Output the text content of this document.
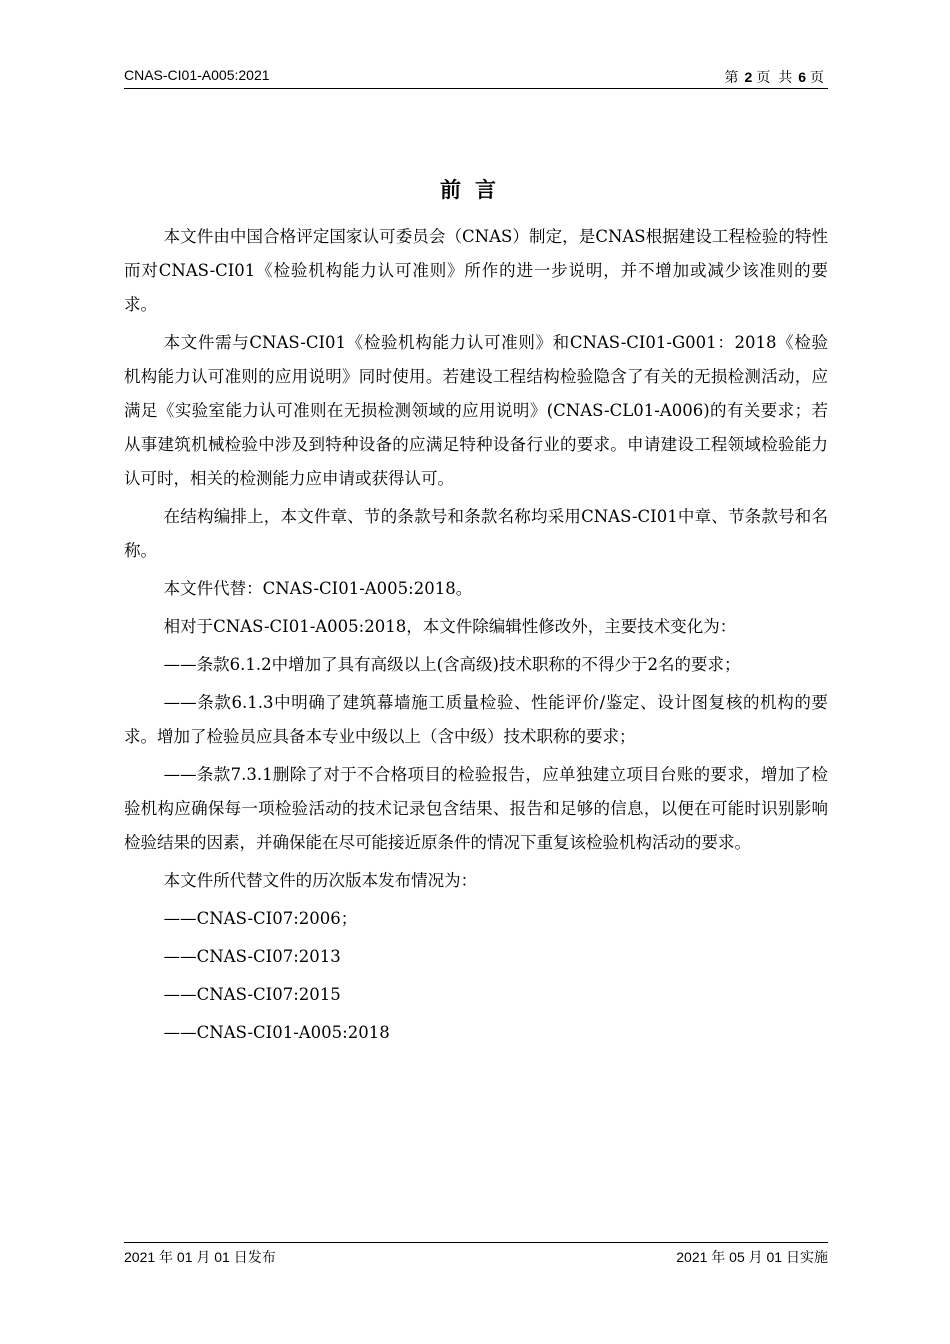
CNAS-CI01-A005:2021	第 2 页 共 6 页
前言

本文件由中国合格评定国家认可委员会（CNAS）制定，是CNAS根据建设工程检验的特性而对CNAS-CI01《检验机构能力认可准则》所作的进一步说明，并不增加或减少该准则的要求。

本文件需与CNAS-CI01《检验机构能力认可准则》和CNAS-CI01-G001：2018《检验机构能力认可准则的应用说明》同时使用。若建设工程结构检验隐含了有关的无损检测活动，应满足《实验室能力认可准则在无损检测领域的应用说明》(CNAS-CL01-A006)的有关要求；若从事建筑机械检验中涉及到特种设备的应满足特种设备行业的要求。申请建设工程领域检验能力认可时，相关的检测能力应申请或获得认可。

在结构编排上，本文件章、节的条款号和条款名称均采用CNAS-CI01中章、节条款号和名称。

本文件代替：CNAS-CI01-A005:2018。

相对于CNAS-CI01-A005:2018，本文件除编辑性修改外，主要技术变化为：

——条款6.1.2中增加了具有高级以上(含高级)技术职称的不得少于2名的要求；

——条款6.1.3中明确了建筑幕墙施工质量检验、性能评价/鉴定、设计图复核的机构的要求。增加了检验员应具备本专业中级以上（含中级）技术职称的要求；

——条款7.3.1删除了对于不合格项目的检验报告，应单独建立项目台账的要求，增加了检验机构应确保每一项检验活动的技术记录包含结果、报告和足够的信息，以便在可能时识别影响检验结果的因素，并确保能在尽可能接近原条件的情况下重复该检验机构活动的要求。

本文件所代替文件的历次版本发布情况为：

——CNAS-CI07:2006；

——CNAS-CI07:2013

——CNAS-CI07:2015

——CNAS-CI01-A005:2018

2021 年 01 月 01 日发布	2021 年 05 月 01 日实施
